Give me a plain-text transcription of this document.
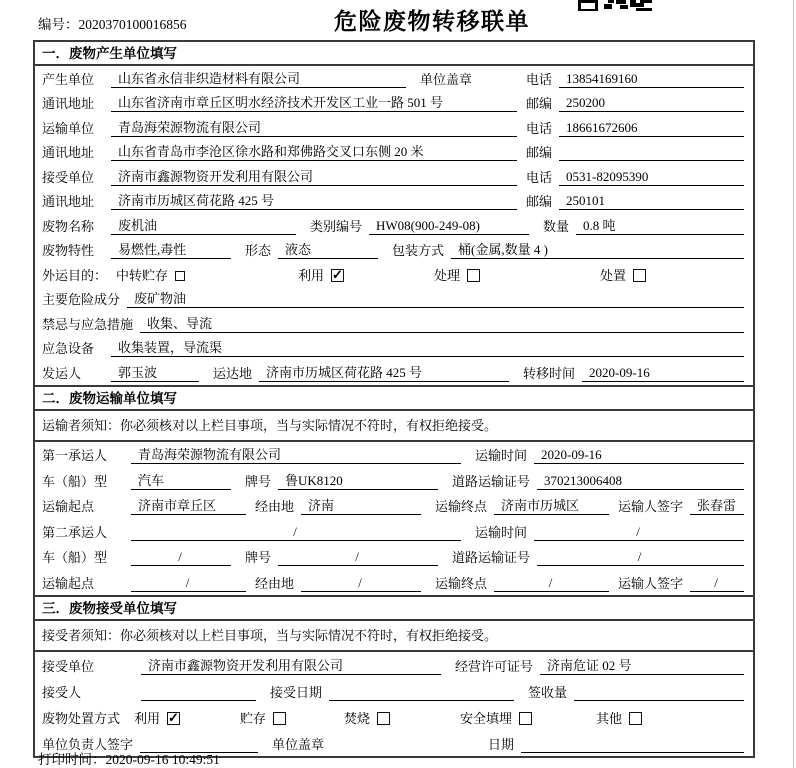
编号：2020370100016856	危险废物转移联单
一．废物产生单位填写
产生单位	山东省永信非织造材料有限公司	单位盖章	电话	13854169160
通讯地址	山东省济南市章丘区明水经济技术开发区工业一路 501 号	邮编	250200
运输单位	青岛海荣源物流有限公司	电话	18661672606
通讯地址	山东省青岛市李沧区徐水路和郑佛路交叉口东侧 20 米	邮编
接受单位	济南市鑫源物资开发利用有限公司	电话	0531-82095390
通讯地址	济南市历城区荷花路 425 号	邮编	250101
废物名称	废机油	类别编号	HW08(900-249-08)	数量	0.8 吨
废物特性	易燃性,毒性	形态	液态	包装方式	桶(金属,数量 4 )
外运目的： 中转贮存	利用 ✓	处理	处置
主要危险成分	废矿物油
禁忌与应急措施	收集、导流
应急设备	收集装置，导流渠
发运人	郭玉波	运达地	济南市历城区荷花路 425 号	转移时间	2020-09-16
二．废物运输单位填写
运输者须知：你必须核对以上栏目事项，当与实际情况不符时，有权拒绝接受。
第一承运人	青岛海荣源物流有限公司	运输时间	2020-09-16
车（船）型	汽车	牌号	鲁UK8120	道路运输证号	370213006408
运输起点	济南市章丘区	经由地	济南	运输终点	济南市历城区	运输人签字	张春雷
第二承运人	/	运输时间	/
车（船）型	/	牌号	/	道路运输证号	/
运输起点	/	经由地	/	运输终点	/	运输人签字	/
三．废物接受单位填写
接受者须知：你必须核对以上栏目事项，当与实际情况不符时，有权拒绝接受。
接受单位	济南市鑫源物资开发利用有限公司	经营许可证号	济南危证 02 号
接受人	接受日期	签收量
废物处置方式 利用 ✓	贮存	焚烧	安全填埋	其他
单位负责人签字	单位盖章	日期
打印时间：2020-09-16 10:49:51
